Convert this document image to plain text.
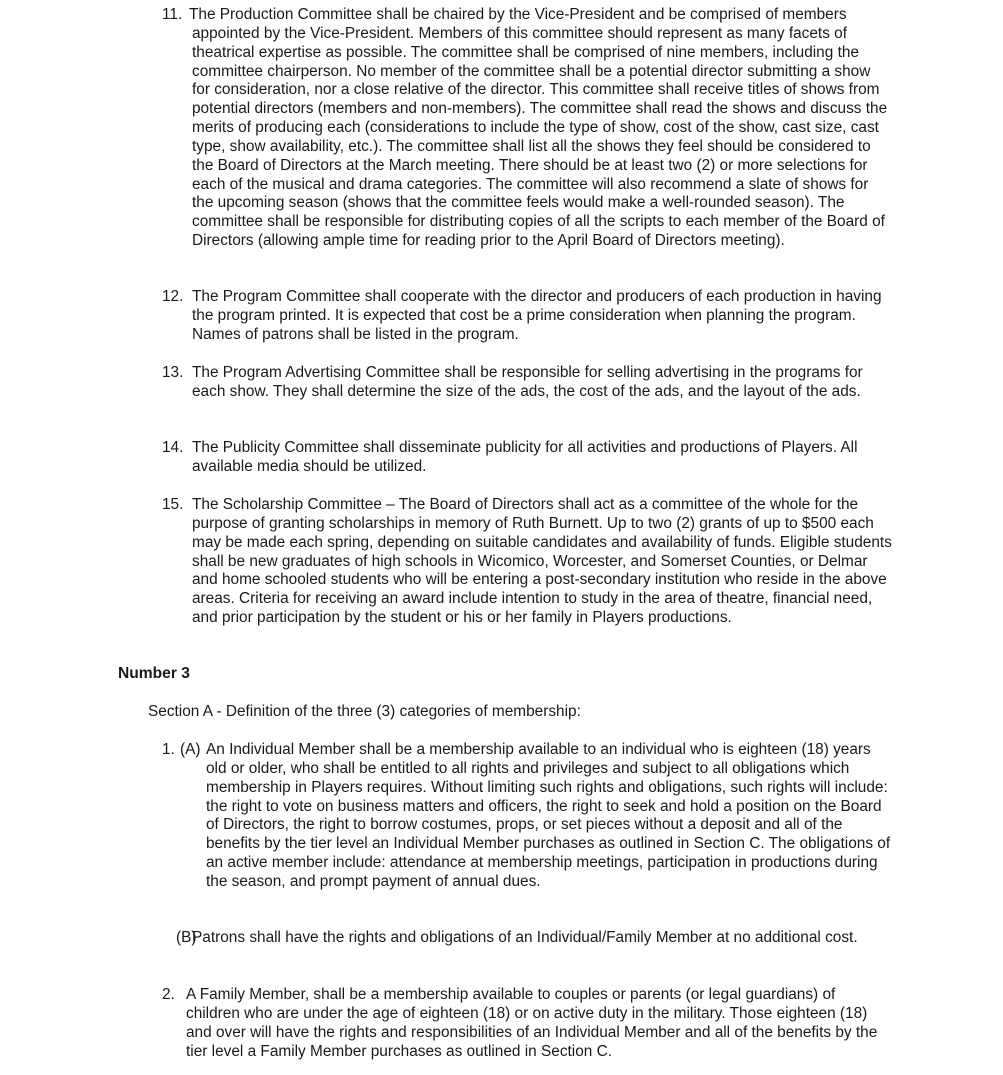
11. The Production Committee shall be chaired by the Vice-President and be comprised of members appointed by the Vice-President. Members of this committee should represent as many facets of theatrical expertise as possible. The committee shall be comprised of nine members, including the committee chairperson. No member of the committee shall be a potential director submitting a show for consideration, nor a close relative of the director. This committee shall receive titles of shows from potential directors (members and non-members). The committee shall read the shows and discuss the merits of producing each (considerations to include the type of show, cost of the show, cast size, cast type, show availability, etc.). The committee shall list all the shows they feel should be considered to the Board of Directors at the March meeting. There should be at least two (2) or more selections for each of the musical and drama categories. The committee will also recommend a slate of shows for the upcoming season (shows that the committee feels would make a well-rounded season). The committee shall be responsible for distributing copies of all the scripts to each member of the Board of Directors (allowing ample time for reading prior to the April Board of Directors meeting).
12. The Program Committee shall cooperate with the director and producers of each production in having the program printed. It is expected that cost be a prime consideration when planning the program. Names of patrons shall be listed in the program.
13. The Program Advertising Committee shall be responsible for selling advertising in the programs for each show. They shall determine the size of the ads, the cost of the ads, and the layout of the ads.
14. The Publicity Committee shall disseminate publicity for all activities and productions of Players. All available media should be utilized.
15. The Scholarship Committee – The Board of Directors shall act as a committee of the whole for the purpose of granting scholarships in memory of Ruth Burnett. Up to two (2) grants of up to $500 each may be made each spring, depending on suitable candidates and availability of funds. Eligible students shall be new graduates of high schools in Wicomico, Worcester, and Somerset Counties, or Delmar and home schooled students who will be entering a post-secondary institution who reside in the above areas. Criteria for receiving an award include intention to study in the area of theatre, financial need, and prior participation by the student or his or her family in Players productions.
Number 3
Section A - Definition of the three (3) categories of membership:
1. (A) An Individual Member shall be a membership available to an individual who is eighteen (18) years old or older, who shall be entitled to all rights and privileges and subject to all obligations which membership in Players requires. Without limiting such rights and obligations, such rights will include: the right to vote on business matters and officers, the right to seek and hold a position on the Board of Directors, the right to borrow costumes, props, or set pieces without a deposit and all of the benefits by the tier level an Individual Member purchases as outlined in Section C. The obligations of an active member include: attendance at membership meetings, participation in productions during the season, and prompt payment of annual dues.
(B)
Patrons shall have the rights and obligations of an Individual/Family Member at no additional cost.
2. A Family Member, shall be a membership available to couples or parents (or legal guardians) of children who are under the age of eighteen (18) or on active duty in the military. Those eighteen (18) and over will have the rights and responsibilities of an Individual Member and all of the benefits by the tier level a Family Member purchases as outlined in Section C.
